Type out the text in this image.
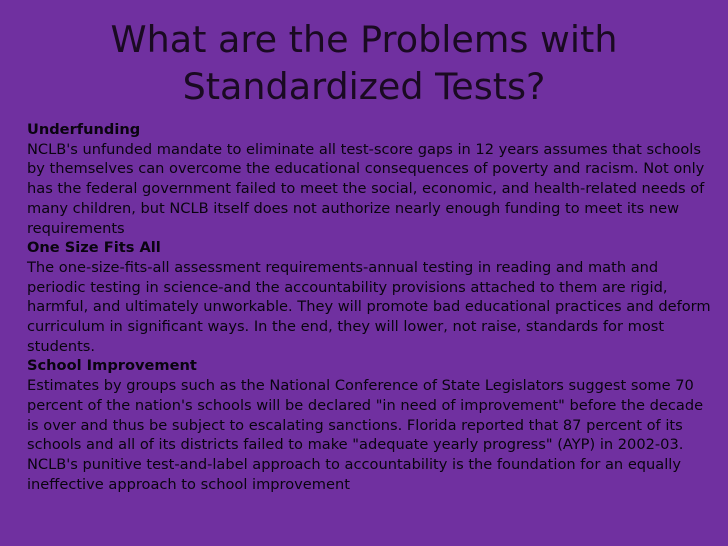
What are the Problems with
Standardized Tests?
Underfunding
NCLB's unfunded mandate to eliminate all test-score gaps in 12 years assumes that schools by themselves can overcome the educational consequences of poverty and racism. Not only has the federal government failed to meet the social, economic, and health-related needs of many children, but NCLB itself does not authorize nearly enough funding to meet its new requirements
One Size Fits All
The one-size-fits-all assessment requirements-annual testing in reading and math and periodic testing in science-and the accountability provisions attached to them are rigid, harmful, and ultimately unworkable. They will promote bad educational practices and deform curriculum in significant ways. In the end, they will lower, not raise, standards for most students.
School Improvement
Estimates by groups such as the National Conference of State Legislators suggest some 70 percent of the nation's schools will be declared "in need of improvement" before the decade is over and thus be subject to escalating sanctions. Florida reported that 87 percent of its schools and all of its districts failed to make "adequate yearly progress" (AYP) in 2002-03. NCLB's punitive test-and-label approach to accountability is the foundation for an equally ineffective approach to school improvement
